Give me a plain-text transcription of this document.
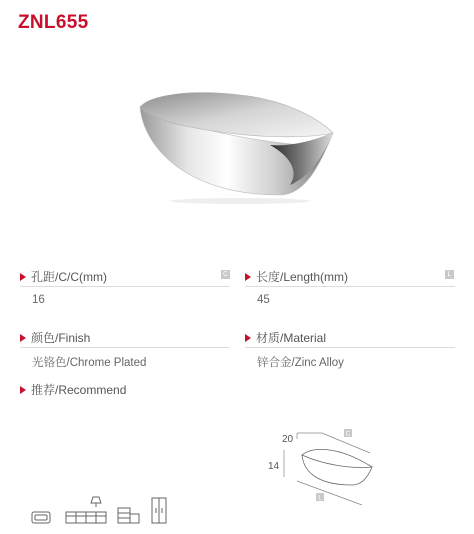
ZNL655
孔距/C/C(mm)	C
16
长度/Length(mm)	L
45
颜色/Finish
光铬色/Chrome Plated
材质/Material
锌合金/Zinc Alloy
推荐/Recommend
20
14
C
L
